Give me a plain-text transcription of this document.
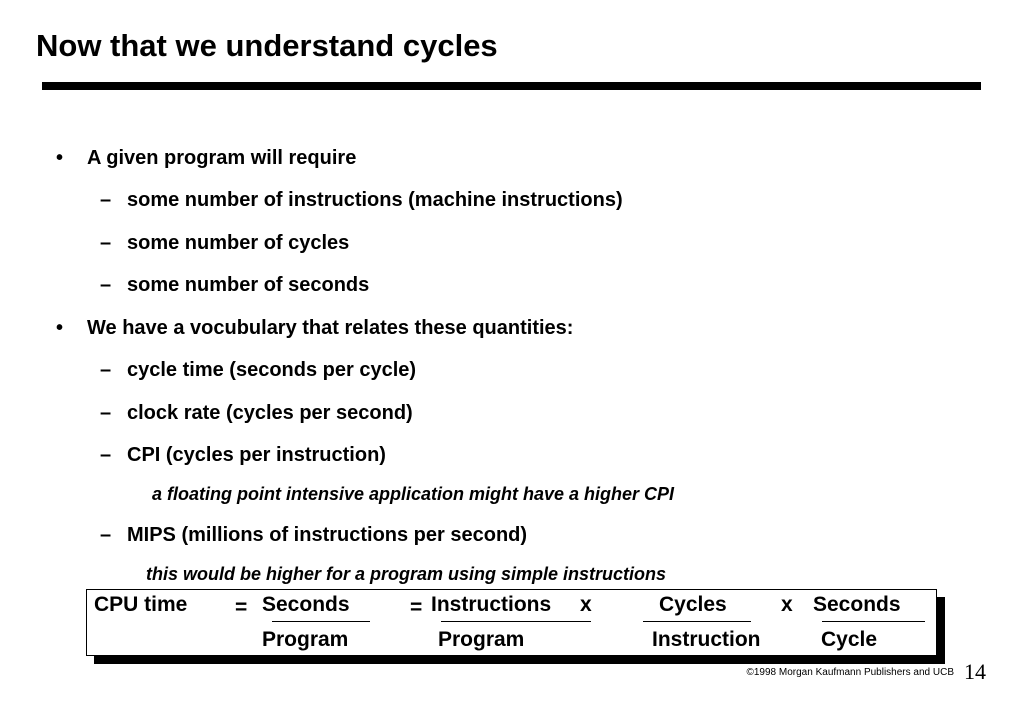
Now that we understand cycles
• A given program will require
– some number of instructions (machine instructions)
– some number of cycles
– some number of seconds
• We have a vocubulary that relates these quantities:
– cycle time (seconds per cycle)
– clock rate (cycles per second)
– CPI (cycles per instruction)
a floating point intensive application might have a higher CPI
– MIPS (millions of instructions per second)
this would be higher for a program using simple instructions
CPU time = Seconds
Program
= Instructions x
Program
Cycles
Instruction
x Seconds
Cycle
©1998 Morgan Kaufmann Publishers and UCB 14
